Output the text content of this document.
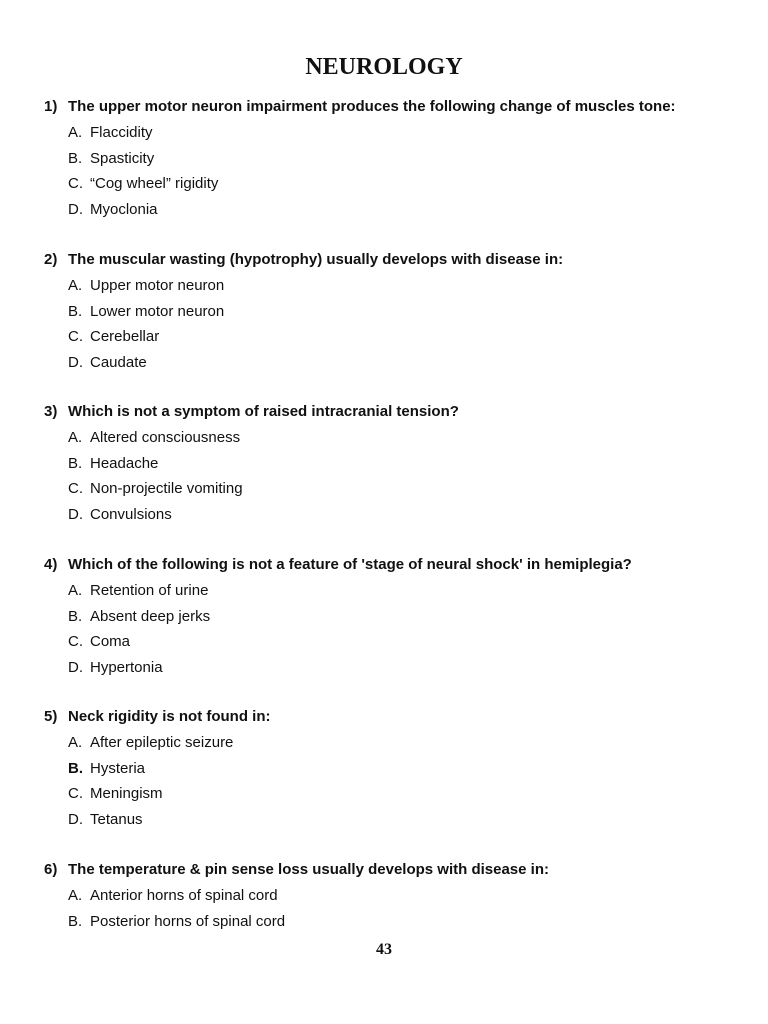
NEUROLOGY
1) The upper motor neuron impairment produces the following change of muscles tone:
A. Flaccidity
B. Spasticity
C. “Cog wheel” rigidity
D. Myoclonia
2) The muscular wasting (hypotrophy) usually develops with disease in:
A. Upper motor neuron
B. Lower motor neuron
C. Cerebellar
D. Caudate
3) Which is not a symptom of raised intracranial tension?
A. Altered consciousness
B. Headache
C. Non-projectile vomiting
D. Convulsions
4) Which of the following is not a feature of 'stage of neural shock' in hemiplegia?
A. Retention of urine
B. Absent deep jerks
C. Coma
D. Hypertonia
5) Neck rigidity is not found in:
A. After epileptic seizure
B. Hysteria
C. Meningism
D. Tetanus
6) The temperature & pin sense loss usually develops with disease in:
A. Anterior horns of spinal cord
B. Posterior horns of spinal cord
43
